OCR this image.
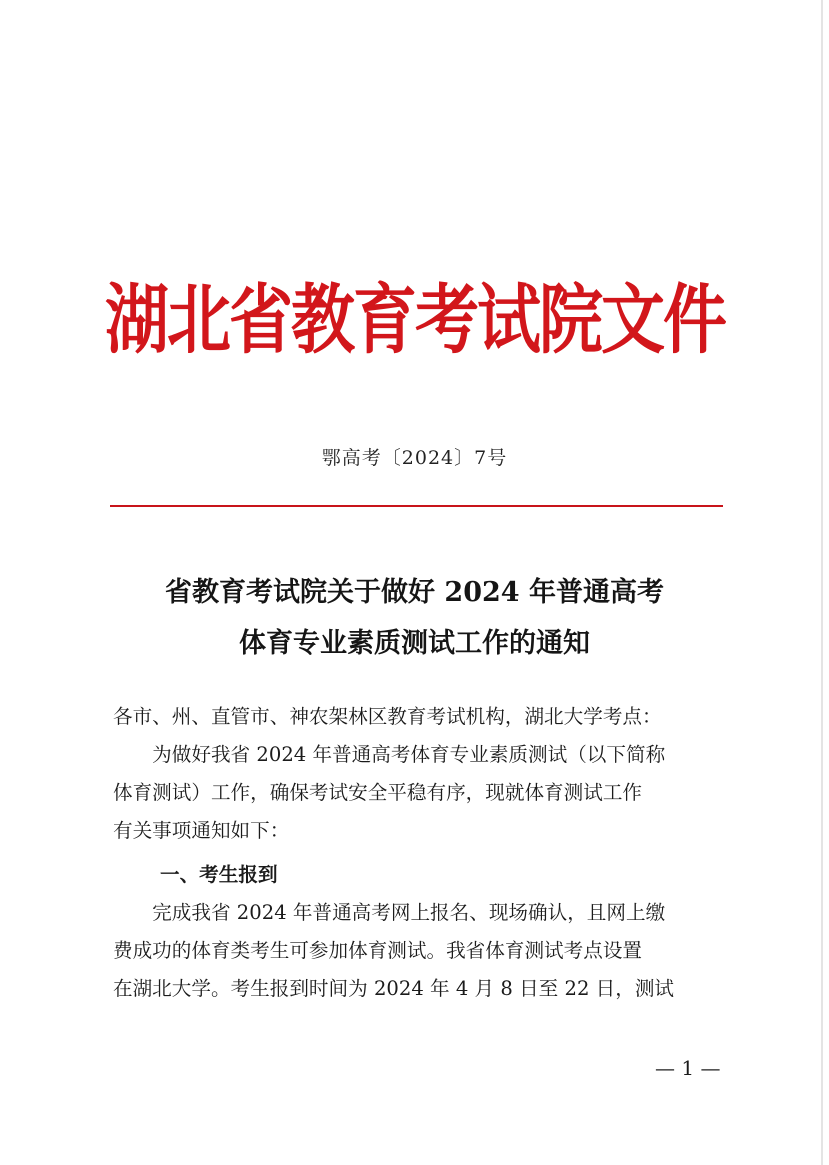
湖北省教育考试院文件
鄂高考〔2024〕7号
省教育考试院关于做好 2024 年普通高考
体育专业素质测试工作的通知
各市、州、直管市、神农架林区教育考试机构，湖北大学考点：
　　为做好我省 2024 年普通高考体育专业素质测试（以下简称
体育测试）工作，确保考试安全平稳有序，现就体育测试工作
有关事项通知如下：
一、考生报到
　　完成我省 2024 年普通高考网上报名、现场确认，且网上缴
费成功的体育类考生可参加体育测试。我省体育测试考点设置
在湖北大学。考生报到时间为 2024 年 4 月 8 日至 22 日，测试
— 1 —
